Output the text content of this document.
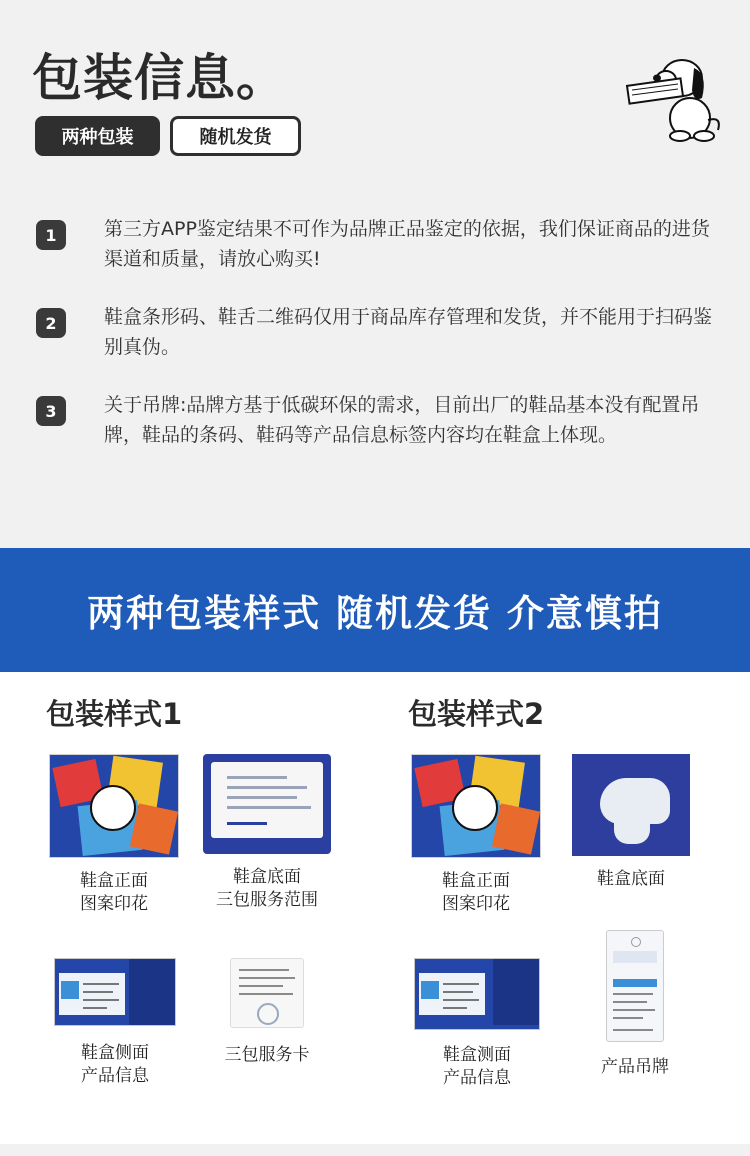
包装信息。
两种包装	随机发货
1	第三方APP鉴定结果不可作为品牌正品鉴定的依据，我们保证商品的进货渠道和质量，请放心购买!
2	鞋盒条形码、鞋舌二维码仅用于商品库存管理和发货，并不能用于扫码鉴别真伪。
3	关于吊牌:品牌方基于低碳环保的需求，目前出厂的鞋品基本没有配置吊牌，鞋品的条码、鞋码等产品信息标签内容均在鞋盒上体现。
两种包装样式 随机发货 介意慎拍
包装样式1
鞋盒正面
图案印花
鞋盒底面
三包服务范围
鞋盒侧面
产品信息
三包服务卡
包装样式2
鞋盒正面
图案印花
鞋盒底面
鞋盒测面
产品信息
产品吊牌
